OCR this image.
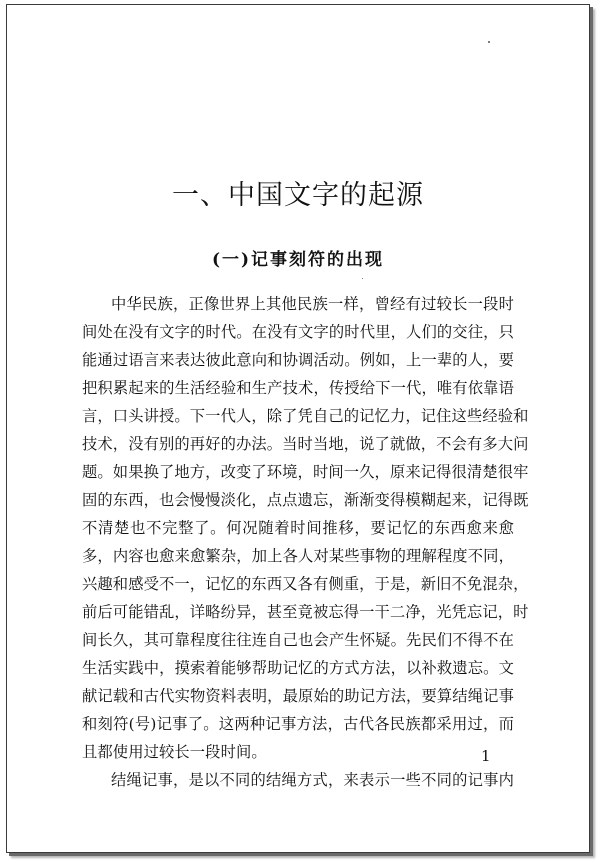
一、中国文字的起源
(一)记事刻符的出现
中华民族，正像世界上其他民族一样，曾经有过较长一段时
间处在没有文字的时代。在没有文字的时代里，人们的交往，只
能通过语言来表达彼此意向和协调活动。例如，上一辈的人，要
把积累起来的生活经验和生产技术，传授给下一代，唯有依靠语
言，口头讲授。下一代人，除了凭自己的记忆力，记住这些经验和
技术，没有别的再好的办法。当时当地，说了就做，不会有多大问
题。如果换了地方，改变了环境，时间一久，原来记得很清楚很牢
固的东西，也会慢慢淡化，点点遗忘，渐渐变得模糊起来，记得既
不清楚也不完整了。何况随着时间推移，要记忆的东西愈来愈
多，内容也愈来愈繁杂，加上各人对某些事物的理解程度不同，
兴趣和感受不一，记忆的东西又各有侧重，于是，新旧不免混杂，
前后可能错乱，详略纷异，甚至竟被忘得一干二净，光凭忘记，时
间长久，其可靠程度往往连自己也会产生怀疑。先民们不得不在
生活实践中，摸索着能够帮助记忆的方式方法，以补救遗忘。文
献记载和古代实物资料表明，最原始的助记方法，要算结绳记事
和刻符(号)记事了。这两种记事方法，古代各民族都采用过，而
且都使用过较长一段时间。
结绳记事，是以不同的结绳方式，来表示一些不同的记事内
1
